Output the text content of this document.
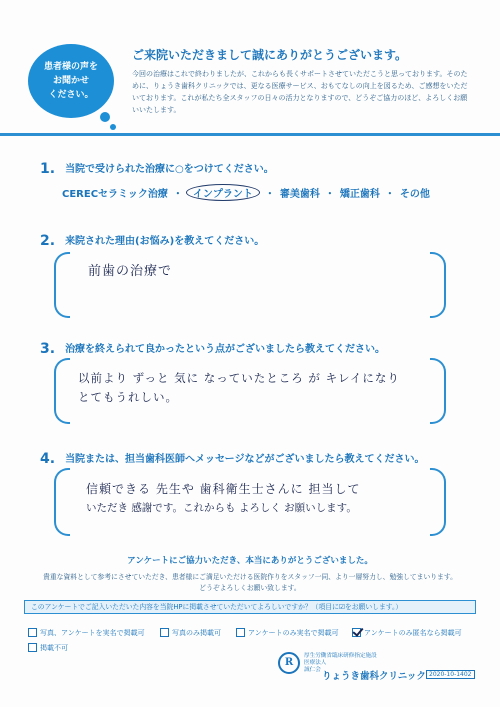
患者様の声を
お聞かせ
ください。
ご来院いただきまして誠にありがとうございます。
今回の治療はこれで終わりましたが、これからも長くサポートさせていただこうと思っております。そのために、りょうき歯科クリニックでは、更なる医療サービス、おもてなしの向上を図るため、ご感想をいただいております。これが私たち全スタッフの日々の活力となりますので、どうぞご協力のほど、よろしくお願いいたします。
1. 当院で受けられた治療に○をつけてください。
CERECセラミック治療 ・ インプラント ・ 審美歯科 ・ 矯正歯科 ・ その他
2. 来院された理由(お悩み)を教えてください。
前歯の治療で
3. 治療を終えられて良かったという点がございましたら教えてください。
以前より ずっと 気に なっていたところ が キレイになり
とてもうれしい。
4. 当院または、担当歯科医師へメッセージなどがございましたら教えてください。
信頼できる 先生や 歯科衛生士さんに 担当して
いただき 感謝です。これからも よろしく お願いします。
アンケートにご協力いただき、本当にありがとうございました。
貴重な資料として参考にさせていただき、患者様にご満足いただける医院作りをスタッフ一同、より一層努力し、勉強してまいります。
どうぞよろしくお願い致します。
このアンケートでご記入いただいた内容を当院HPに掲載させていただいてよろしいですか？（項目に☑をお願いします。）
写真、アンケートを実名で掲載可	写真のみ掲載可	アンケートのみ実名で掲載可	アンケートのみ匿名なら掲載可
掲載不可
R
厚生労働省臨床研修指定施設
医療法人
誠仁会
りょうき歯科クリニック 2020-10-1402
